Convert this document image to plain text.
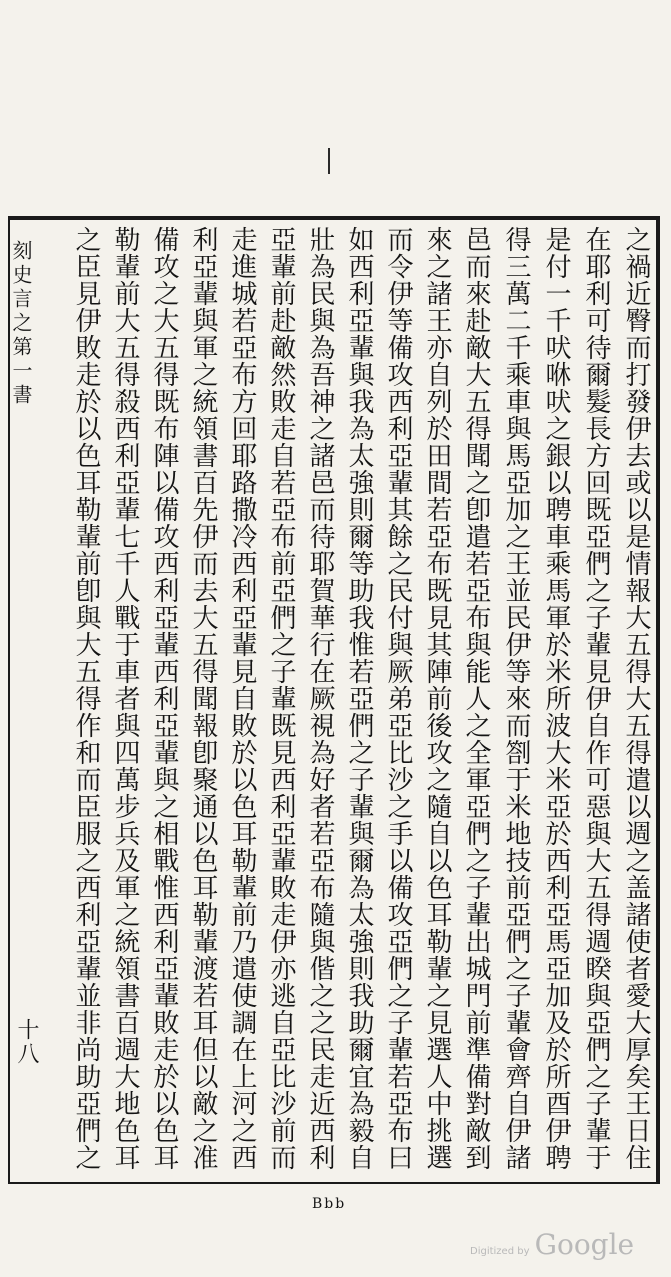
之禍近臀而打發伊去或以是情報大五得大五得遣以週之盖諸使者愛大厚矣王日住
在耶利可待爾髮長方回既亞們之子輩見伊自作可惡與大五得週睽與亞們之子輩于
是付一千吠咻吠之銀以聘車乘馬軍於米所波大米亞於西利亞馬亞加及於所酉伊聘
得三萬二千乘車與馬亞加之王並民伊等來而劄于米地技前亞們之子輩會齊自伊諸
邑而來赴敵大五得聞之卽遣若亞布與能人之全軍亞們之子輩出城門前準備對敵到
來之諸王亦自列於田間若亞布既見其陣前後攻之隨自以色耳勒輩之見選人中挑選
而令伊等備攻西利亞輩其餘之民付與厥弟亞比沙之手以備攻亞們之子輩若亞布曰
如西利亞輩與我為太強則爾等助我惟若亞們之子輩與爾為太強則我助爾宜為毅自
壯為民與為吾神之諸邑而待耶賀華行在厥視為好者若亞布隨與偕之之民走近西利
亞輩前赴敵然敗走自若亞布前亞們之子輩既見西利亞輩敗走伊亦逃自亞比沙前而
走進城若亞布方回耶路撒冷西利亞輩見自敗於以色耳勒輩前乃遣使調在上河之西
利亞輩與軍之統領書百先伊而去大五得聞報卽聚通以色耳勒輩渡若耳但以敵之准
備攻之大五得既布陣以備攻西利亞輩西利亞輩與之相戰惟西利亞輩敗走於以色耳
勒輩前大五得殺西利亞輩七千人戰于車者與四萬步兵及軍之統領書百週大地色耳
之臣見伊敗走於以色耳勒輩前卽與大五得作和而臣服之西利亞輩並非尚助亞們之
刻史言之第一書
十八
Bbb
Digitized by Google
